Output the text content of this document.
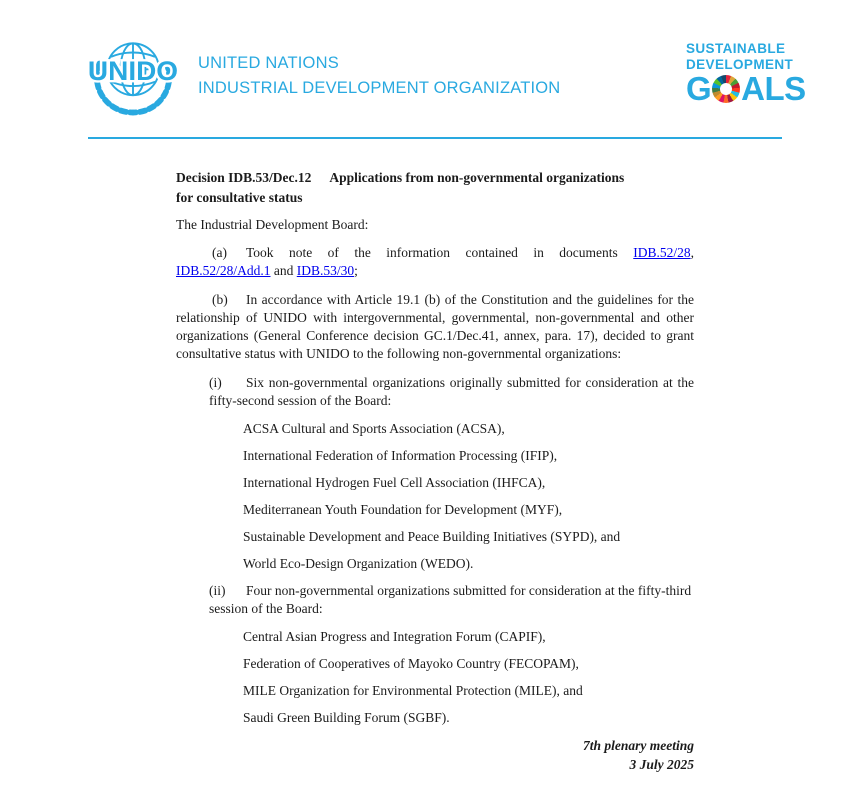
UNIDO UNITED NATIONS
INDUSTRIAL DEVELOPMENT ORGANIZATION
SUSTAINABLE
DEVELOPMENT
G ALS
Decision IDB.53/Dec.12 Applications from non-governmental organizations
for consultative status

The Industrial Development Board:

(a) Took note of the information contained in documents IDB.52/28, IDB.52/28/Add.1 and IDB.53/30;

(b) In accordance with Article 19.1 (b) of the Constitution and the guidelines for the relationship of UNIDO with intergovernmental, governmental, non-governmental and other organizations (General Conference decision GC.1/Dec.41, annex, para. 17), decided to grant consultative status with UNIDO to the following non-governmental organizations:

(i) Six non-governmental organizations originally submitted for consideration at the fifty-second session of the Board:

ACSA Cultural and Sports Association (ACSA),

International Federation of Information Processing (IFIP),

International Hydrogen Fuel Cell Association (IHFCA),

Mediterranean Youth Foundation for Development (MYF),

Sustainable Development and Peace Building Initiatives (SYPD), and

World Eco-Design Organization (WEDO).

(ii) Four non-governmental organizations submitted for consideration at the fifty-third session of the Board:

Central Asian Progress and Integration Forum (CAPIF),

Federation of Cooperatives of Mayoko Country (FECOPAM),

MILE Organization for Environmental Protection (MILE), and

Saudi Green Building Forum (SGBF).

7th plenary meeting
3 July 2025
